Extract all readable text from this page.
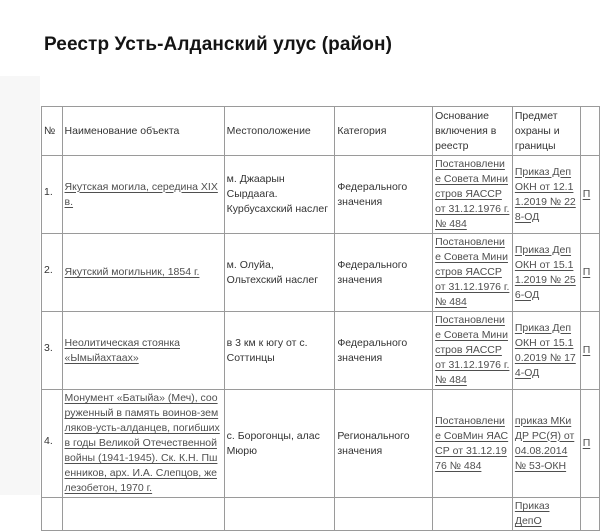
Реестр Усть-Алданский улус (район)
№	Наименование объекта	Местоположение	Категория	Основание включения в реестр	Предмет охраны и границы	

1.	Якутская могила, середина XIX в.	м. Джаарын Сырдаага. Курбусахский наслег	Федерального значения	Постановление Совета Министров ЯАССР от 31.12.1976 г. № 484	Приказ ДепОКН от 12.11.2019 № 228-ОД	П

2.	Якутский могильник, 1854 г.	м. Олуйа, Ольтехский наслег	Федерального значения	Постановление Совета Министров ЯАССР от 31.12.1976 г. № 484	Приказ ДепОКН от 15.11.2019 № 256-ОД	П

3.	Неолитическая стоянка «Ымыйахтаах»	в 3 км к югу от с. Соттинцы	Федерального значения	Постановление Совета Министров ЯАССР от 31.12.1976 г. № 484	Приказ ДепОКН от 15.10.2019 № 174-ОД	П

4.	Монумент «Батыйа» (Меч), сооруженный в память воинов-земляков-усть-алданцев, погибших в годы Великой Отечественной войны (1941-1945). Ск. К.Н. Пшенников, арх. И.А. Слепцов, железобетон, 1970 г.	с. Борогонцы, алас Мюрю	Регионального значения	Постановление СовМин ЯАССР от 31.12.1976 № 484	приказ МКиДР РС(Я) от 04.08.2014 № 53-ОКН	П
					Приказ ДепО	
